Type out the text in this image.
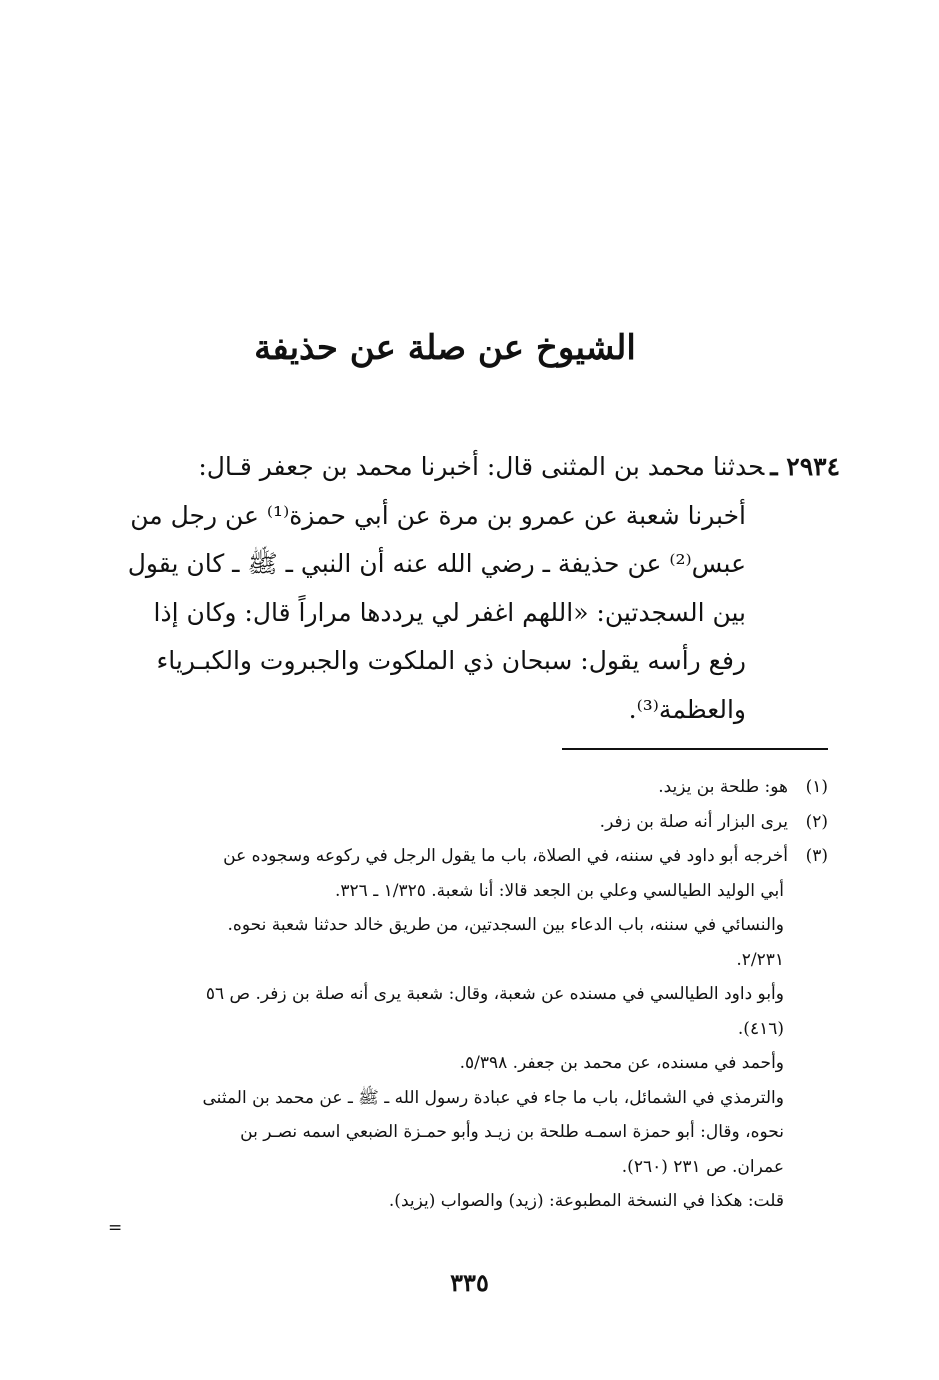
الشيوخ عن صلة عن حذيفة
٢٩٣٤ ـحدثنا محمد بن المثنى قال: أخبرنا محمد بن جعفر قـال:
أخبرنا شعبة عن عمرو بن مرة عن أبي حمزة⁽¹⁾ عن رجل من
عبس⁽²⁾ عن حذيفة ـ رضي الله عنه أن النبي ـ ﷺ ـ كان يقول
بين السجدتين: «اللهم اغفر لي يرددها مراراً قال: وكان إذا
رفع رأسه يقول: سبحان ذي الملكوت والجبروت والكبـرياء
والعظمة⁽³⁾.
(١)هو: طلحة بن يزيد.
(٢)يرى البزار أنه صلة بن زفر.
(٣)أخرجه أبو داود في سننه، في الصلاة، باب ما يقول الرجل في ركوعه وسجوده عن
أبي الوليد الطيالسي وعلي بن الجعد قالا: أنا شعبة. ١/٣٢٥ ـ ٣٢٦.
والنسائي في سننه، باب الدعاء بين السجدتين، من طريق خالد حدثنا شعبة نحوه.
٢/٢٣١.
وأبو داود الطيالسي في مسنده عن شعبة، وقال: شعبة يرى أنه صلة بن زفر. ص ٥٦
(٤١٦).
وأحمد في مسنده، عن محمد بن جعفر. ٥/٣٩٨.
والترمذي في الشمائل، باب ما جاء في عبادة رسول الله ـ ﷺ ـ عن محمد بن المثنى
نحوه، وقال: أبو حمزة اسمـه طلحة بن زيـد وأبو حمـزة الضبعي اسمه نصـر بن
عمران. ص ٢٣١ (٢٦٠).
قلت: هكذا في النسخة المطبوعة: (زيد) والصواب (يزيد).
=
٣٣٥
